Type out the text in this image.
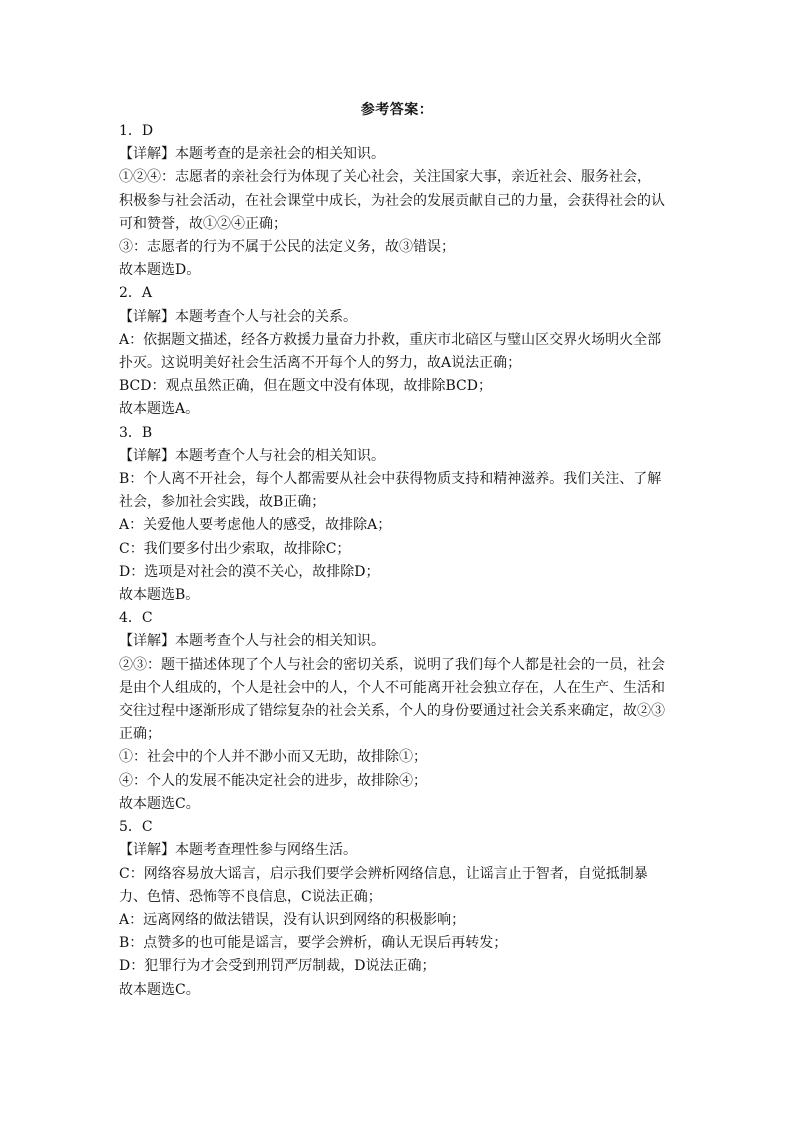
参考答案：
1．D
【详解】本题考查的是亲社会的相关知识。
①②④：志愿者的亲社会行为体现了关心社会，关注国家大事，亲近社会、服务社会，
积极参与社会活动，在社会课堂中成长，为社会的发展贡献自己的力量，会获得社会的认
可和赞誉，故①②④正确；
③：志愿者的行为不属于公民的法定义务，故③错误；
故本题选D。
2．A
【详解】本题考查个人与社会的关系。
A：依据题文描述，经各方救援力量奋力扑救，重庆市北碚区与璧山区交界火场明火全部
扑灭。这说明美好社会生活离不开每个人的努力，故A说法正确；
BCD：观点虽然正确，但在题文中没有体现，故排除BCD；
故本题选A。
3．B
【详解】本题考查个人与社会的相关知识。
B：个人离不开社会，每个人都需要从社会中获得物质支持和精神滋养。我们关注、了解
社会，参加社会实践，故B正确；
A：关爱他人要考虑他人的感受，故排除A；
C：我们要多付出少索取，故排除C；
D：选项是对社会的漠不关心，故排除D；
故本题选B。
4．C
【详解】本题考查个人与社会的相关知识。
②③：题干描述体现了个人与社会的密切关系，说明了我们每个人都是社会的一员，社会
是由个人组成的，个人是社会中的人，个人不可能离开社会独立存在，人在生产、生活和
交往过程中逐渐形成了错综复杂的社会关系，个人的身份要通过社会关系来确定，故②③
正确；
①：社会中的个人并不渺小而又无助，故排除①；
④：个人的发展不能决定社会的进步，故排除④；
故本题选C。
5．C
【详解】本题考查理性参与网络生活。
C：网络容易放大谣言，启示我们要学会辨析网络信息，让谣言止于智者，自觉抵制暴
力、色情、恐怖等不良信息，C说法正确；
A：远离网络的做法错误，没有认识到网络的积极影响；
B：点赞多的也可能是谣言，要学会辨析，确认无误后再转发；
D：犯罪行为才会受到刑罚严厉制裁，D说法正确；
故本题选C。
